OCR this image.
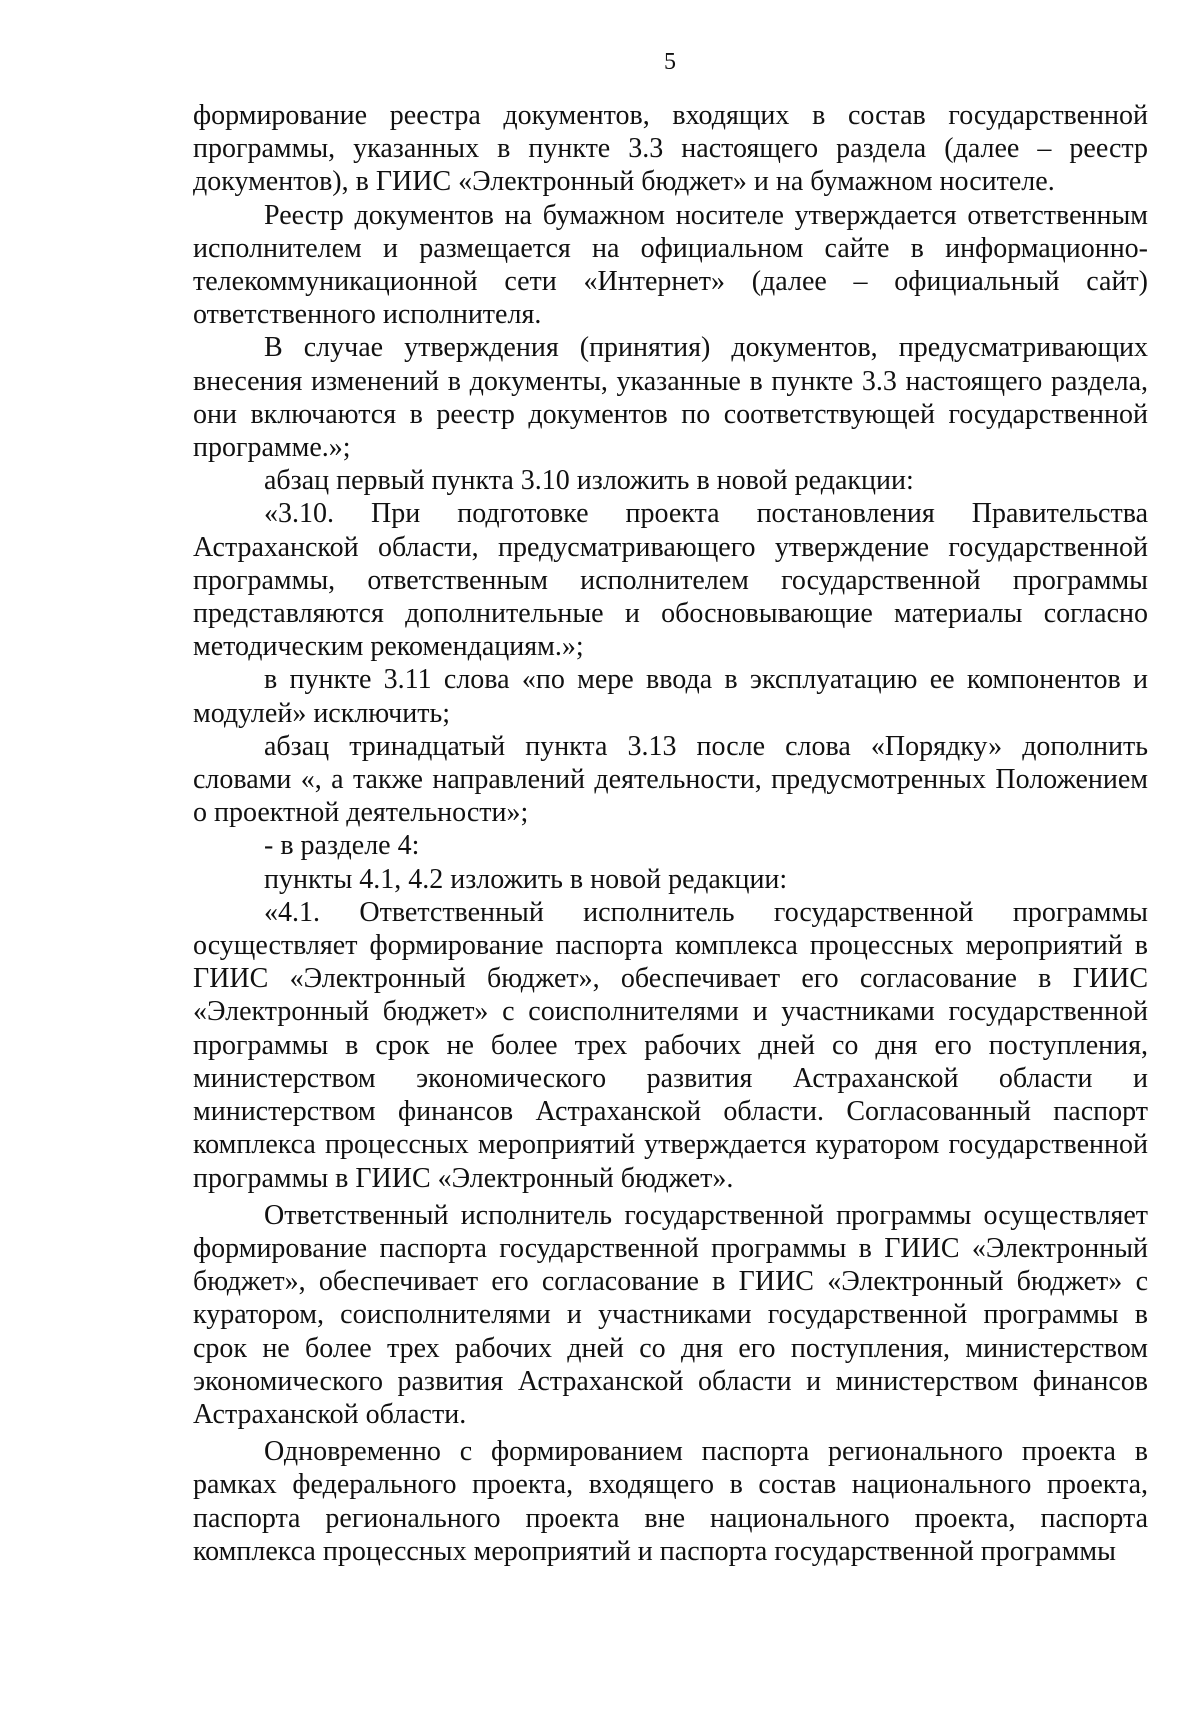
5

формирование реестра документов, входящих в состав государственной программы, указанных в пункте 3.3 настоящего раздела (далее – реестр документов), в ГИИС «Электронный бюджет» и на бумажном носителе.

Реестр документов на бумажном носителе утверждается ответственным исполнителем и размещается на официальном сайте в информационно-телекоммуникационной сети «Интернет» (далее – официальный сайт) ответственного исполнителя.

В случае утверждения (принятия) документов, предусматривающих внесения изменений в документы, указанные в пункте 3.3 настоящего раздела, они включаются в реестр документов по соответствующей государственной программе.»;

абзац первый пункта 3.10 изложить в новой редакции:

«3.10. При подготовке проекта постановления Правительства Астраханской области, предусматривающего утверждение государственной программы, ответственным исполнителем государственной программы представляются дополнительные и обосновывающие материалы согласно методическим рекомендациям.»;

в пункте 3.11 слова «по мере ввода в эксплуатацию ее компонентов и модулей» исключить;

абзац тринадцатый пункта 3.13 после слова «Порядку» дополнить словами «, а также направлений деятельности, предусмотренных Положением о проектной деятельности»;

- в разделе 4:

пункты 4.1, 4.2 изложить в новой редакции:

«4.1. Ответственный исполнитель государственной программы осуществляет формирование паспорта комплекса процессных мероприятий в ГИИС «Электронный бюджет», обеспечивает его согласование в ГИИС «Электронный бюджет» с соисполнителями и участниками государственной программы в срок не более трех рабочих дней со дня его поступления, министерством экономического развития Астраханской области и министерством финансов Астраханской области. Согласованный паспорт комплекса процессных мероприятий утверждается куратором государственной программы в ГИИС «Электронный бюджет».

Ответственный исполнитель государственной программы осуществляет формирование паспорта государственной программы в ГИИС «Электронный бюджет», обеспечивает его согласование в ГИИС «Электронный бюджет» с куратором, соисполнителями и участниками государственной программы в срок не более трех рабочих дней со дня его поступления, министерством экономического развития Астраханской области и министерством финансов Астраханской области.

Одновременно с формированием паспорта регионального проекта в рамках федерального проекта, входящего в состав национального проекта, паспорта регионального проекта вне национального проекта, паспорта комплекса процессных мероприятий и паспорта государственной программы
